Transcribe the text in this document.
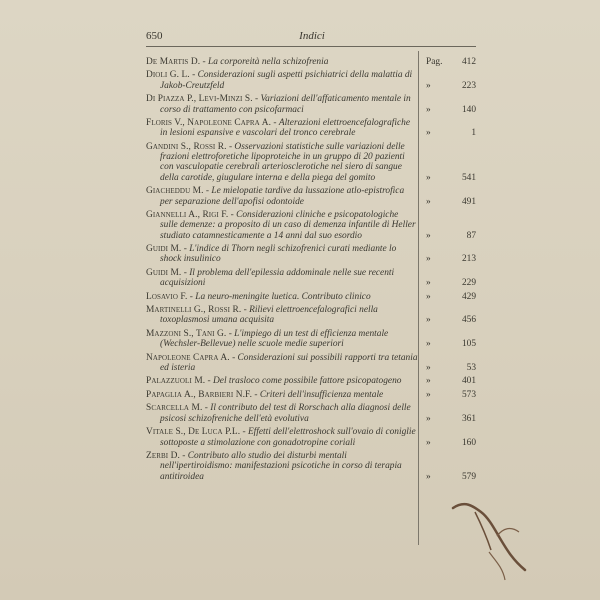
650	Indici
De Martis D. - La corporeità nella schizofrenia	Pag. 412
Dioli G. L. - Considerazioni sugli aspetti psichiatrici della malattia di Jakob-Creutzfeld	»	223
Di Piazza P., Levi-Minzi S. - Variazioni dell'affaticamento mentale in corso di trattamento con psicofarmaci	»	140
Floris V., Napoleone Capra A. - Alterazioni elettroencefalografiche in lesioni espansive e vascolari del tronco cerebrale	»	1
Gandini S., Rossi R. - Osservazioni statistiche sulle variazioni delle frazioni elettroforetiche lipoproteiche in un gruppo di 20 pazienti con vasculopatie cerebrali arteriosclerotiche nel siero di sangue della carotide, giugulare interna e della piega del gomito	»	541
Giacheddu M. - Le mielopatie tardive da lussazione atlo-epistrofica per separazione dell'apofisi odontoide	»	491
Giannelli A., Rigi F. - Considerazioni cliniche e psicopatologiche sulle demenze: a proposito di un caso di demenza infantile di Heller studiato catamnesticamente a 14 anni dal suo esordio	»	87
Guidi M. - L'indice di Thorn negli schizofrenici curati mediante lo shock insulinico	»	213
Guidi M. - Il problema dell'epilessia addominale nelle sue recenti acquisizioni	»	229
Losavio F. - La neuro-meningite luetica. Contributo clinico	»	429
Martinelli G., Rossi R. - Rilievi elettroencefalografici nella toxoplasmosi umana acquisita	»	456
Mazzoni S., Tani G. - L'impiego di un test di efficienza mentale (Wechsler-Bellevue) nelle scuole medie superiori	»	105
Napoleone Capra A. - Considerazioni sui possibili rapporti tra tetania ed isteria	»	53
Palazzuoli M. - Del trasloco come possibile fattore psicopatogeno	»	401
Papaglia A., Barbieri N.F. - Criteri dell'insufficienza mentale	»	573
Scarcella M. - Il contributo del test di Rorschach alla diagnosi delle psicosi schizofreniche dell'età evolutiva	»	361
Vitale S., De Luca P.L. - Effetti dell'elettroshock sull'ovaio di coniglie sottoposte a stimolazione con gonadotropine coriali	»	160
Zerbi D. - Contributo allo studio dei disturbi mentali nell'ipertiroidismo: manifestazioni psicotiche in corso di terapia antitiroidea	»	579
